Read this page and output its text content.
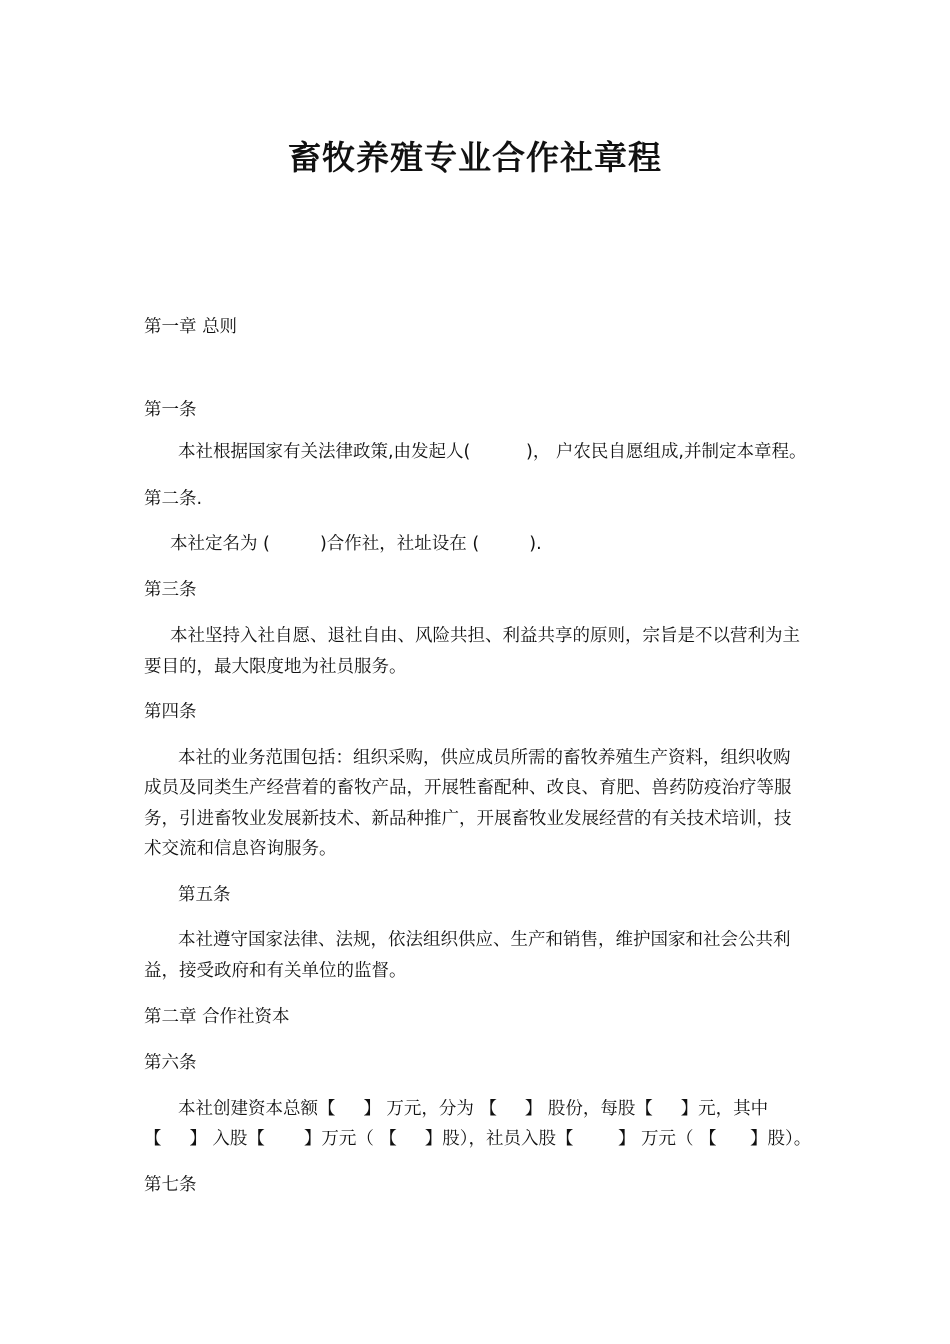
畜牧养殖专业合作社章程
第一章 总则
第一条
本社根据国家有关法律政策,由发起人(          )， 户农民自愿组成,并制定本章程。
第二条.
本社定名为 (         )合作社，社址设在 (         ).
第三条
本社坚持入社自愿、退社自由、风险共担、利益共享的原则，宗旨是不以营利为主
要目的，最大限度地为社员服务。
第四条
本社的业务范围包括：组织采购，供应成员所需的畜牧养殖生产资料，组织收购
成员及同类生产经营着的畜牧产品，开展牲畜配种、改良、育肥、兽药防疫治疗等服
务，引进畜牧业发展新技术、新品种推广，开展畜牧业发展经营的有关技术培训，技
术交流和信息咨询服务。
第五条
本社遵守国家法律、法规，依法组织供应、生产和销售，维护国家和社会公共利
益，接受政府和有关单位的监督。
第二章 合作社资本
第六条
本社创建资本总额【     】 万元，分为 【     】 股份，每股【     】元，其中
【     】 入股【       】万元（ 【     】股），社员入股【        】 万元（ 【      】股）。
第七条
